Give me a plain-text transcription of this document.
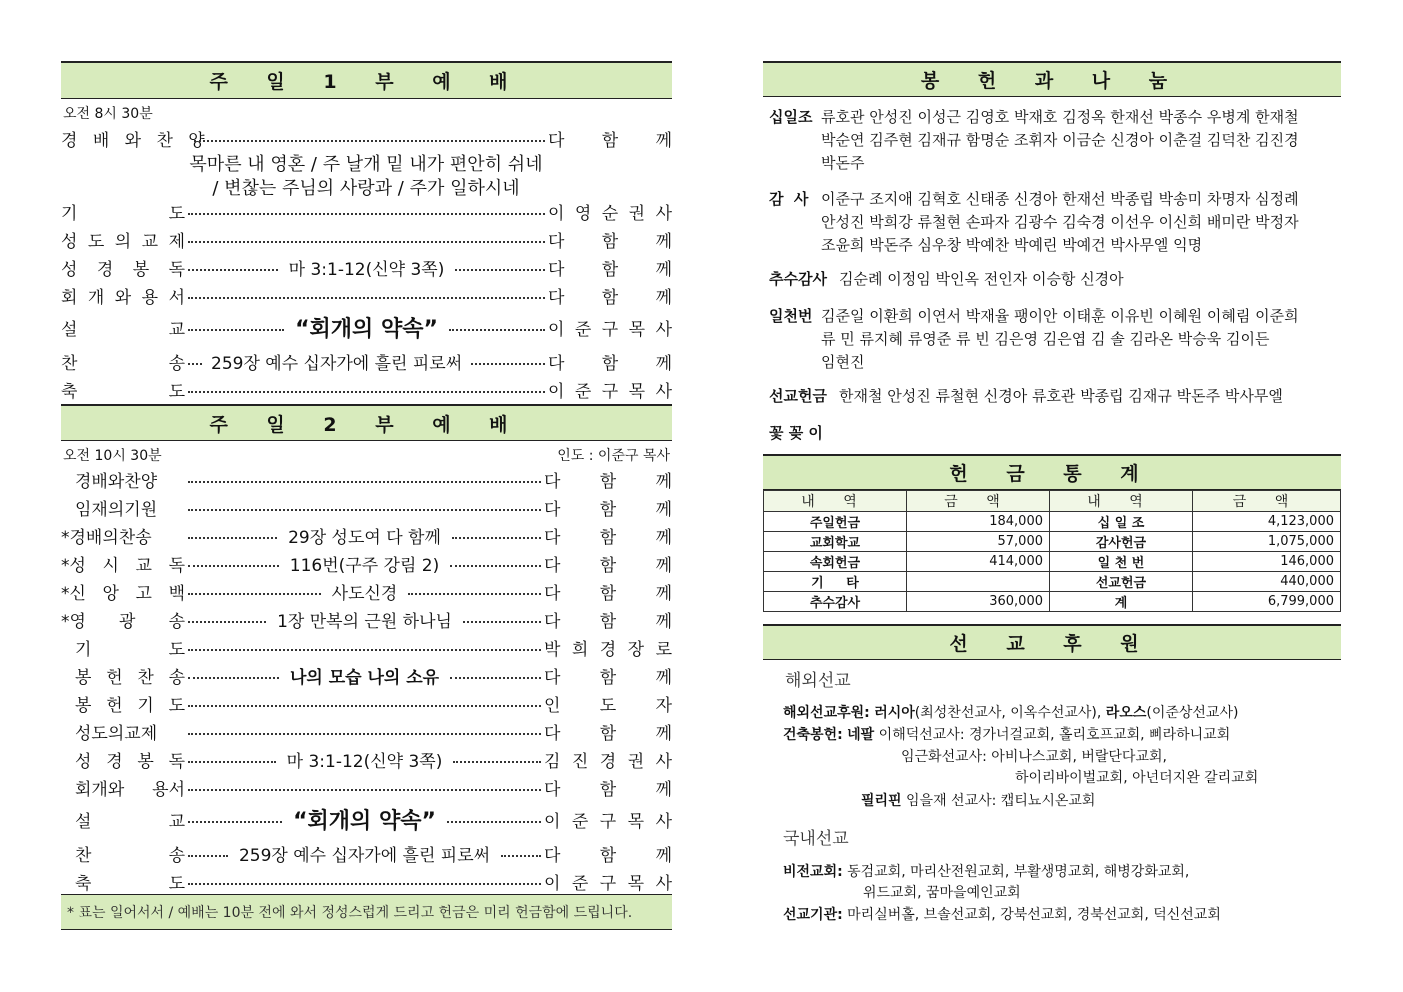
주 일 1 부 예 배
오전 8시 30분
경 배 와 찬 양	다 함 께
목마른 내 영혼 / 주 날개 밑 내가 편안히 쉬네
/ 변찮는 주님의 사랑과 / 주가 일하시네
기 도	이 영 순 권 사
성 도 의 교 제	다 함 께
성 경 봉 독	마 3:1-12(신약 3쪽)	다 함 께
회 개 와 용 서	다 함 께
설 교	“회개의 약속”	이 준 구 목 사
찬 송	259장 예수 십자가에 흘린 피로써	다 함 께
축 도	이 준 구 목 사
주 일 2 부 예 배
오전 10시 30분	인도 : 이준구 목사
경배와찬양	다 함 께
임재의기원	다 함 께
*경배의찬송	29장 성도여 다 함께	다 함 께
*성 시 교 독	116번(구주 강림 2)	다 함 께
*신 앙 고 백	사도신경	다 함 께
*영 광 송	1장 만복의 근원 하나님	다 함 께
기 도	박 희 경 장 로
봉 헌 찬 송	나의 모습 나의 소유	다 함 께
봉 헌 기 도	인 도 자
성도의교제	다 함 께
성 경 봉 독	마 3:1-12(신약 3쪽)	김 진 경 권 사
회개와 용서	다 함 께
설 교	“회개의 약속”	이 준 구 목 사
찬 송	259장 예수 십자가에 흘린 피로써	다 함 께
축 도	이 준 구 목 사
* 표는 일어서서 / 예배는 10분 전에 와서 정성스럽게 드리고 헌금은 미리 헌금함에 드립니다.
봉 헌 과 나 눔
십일조 류호관 안성진 이성근 김영호 박재호 김정옥 한재선 박종수 우병계 한재철
박순연 김주현 김재규 함명순 조휘자 이금순 신경아 이춘걸 김덕찬 김진경
박돈주
감  사 이준구 조지애 김혁호 신태종 신경아 한재선 박종립 박송미 차명자 심정례
안성진 박희강 류철현 손파자 김광수 김숙경 이선우 이신희 배미란 박정자
조윤희 박돈주 심우창 박예찬 박예린 박예건 박사무엘 익명
추수감사 김순례 이정임 박인옥 전인자 이승항 신경아
일천번 김준일 이환희 이연서 박재율 팽이안 이태훈 이유빈 이혜원 이혜림 이준희
류 민 류지혜 류영준 류 빈 김은영 김은엽 김 솔 김라온 박승욱 김이든
임현진
선교헌금 한재철 안성진 류철현 신경아 류호관 박종립 김재규 박돈주 박사무엘
꽃 꽂 이
헌 금 통 계
내 역	금 액	내 역	금 액
주일헌금	184,000	십 일 조	4,123,000
교회학교	57,000	감사헌금	1,075,000
속회헌금	414,000	일 천 번	146,000
기     타		선교헌금	440,000
추수감사	360,000	계	6,799,000
선 교 후 원
해외선교
해외선교후원: 러시아(최성찬선교사, 이옥수선교사), 라오스(이준상선교사)
건축봉헌: 네팔 이해덕선교사: 경가너걸교회, 홀리호프교회, 삐라하니교회
임근화선교사: 아비나스교회, 버랄단다교회,
하이리바이벌교회, 아넌더지완 갈리교회
필리핀 임을재 선교사: 캡티뇨시온교회
국내선교
비전교회: 동검교회, 마리산전원교회, 부활생명교회, 해병강화교회,
위드교회, 꿈마을예인교회
선교기관: 마리실버홀, 브솔선교회, 강북선교회, 경북선교회, 덕신선교회
